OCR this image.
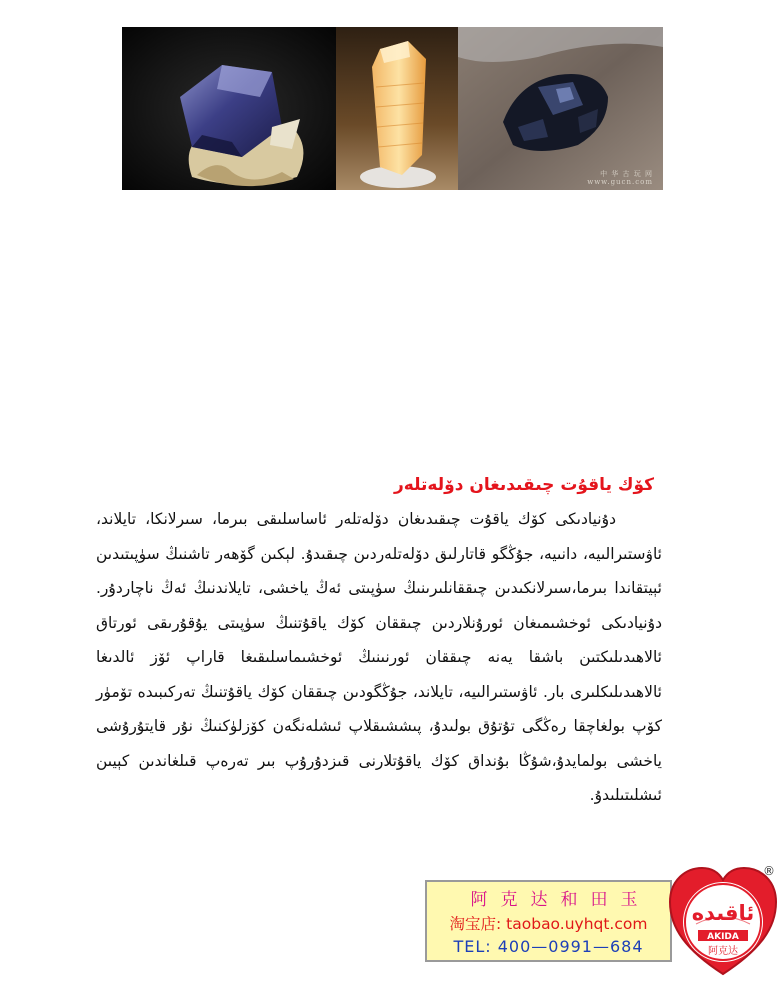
中 华 古 玩 网
www.gucn.com
كۆك ياقۇت چىقىدىغان دۆلەتلەر

دۇنيادىكى كۆك ياقۇت چىقىدىغان دۆلەتلەر ئاساسلىقى بىرما، سىرلانكا، تايلاند، ئاۋستىرالىيە، دانىيە، جۇڭگو قاتارلىق دۆلەتلەردىن چىقىدۇ. لېكىن گۆھەر تاشنىڭ سۈپىتىدىن ئېيتقاندا بىرما،سىرلانكىدىن چىققانلىرىنىڭ سۈپىتى ئەڭ ياخشى، تايلاندنىڭ ئەڭ ناچاردۇر. دۇنيادىكى ئوخشىمىغان ئورۇنلاردىن چىققان كۆك ياقۇتنىڭ سۈپىتى يۇقۇرىقى ئورتاق ئالاھىدىلىكتىن باشقا يەنە چىققان ئورنىنىڭ ئوخشىماسلىقىغا قاراپ ئۆز ئالدىغا ئالاھىدىلىكلىرى بار. ئاۋستىرالىيە، تايلاند، جۇڭگودىن چىققان كۆك ياقۇتنىڭ تەركىبىدە تۆمۈر كۆپ بولغاچقا رەڭگى تۇتۇق بولىدۇ، پىششىقلاپ ئىشلەنگەن كۆزلۈكنىڭ نۇر قايتۇرۇشى ياخشى بولمايدۇ،شۇڭا بۇنداق كۆك ياقۇتلارنى قىزدۇرۇپ بىر تەرەپ قىلغاندىن كېيىن ئىشلىتىلىدۇ.

阿克达和田玉
淘宝店: taobao.uyhqt.com
TEL: 400—0991—684
ئاقىدە
AKIDA
阿克达
®
